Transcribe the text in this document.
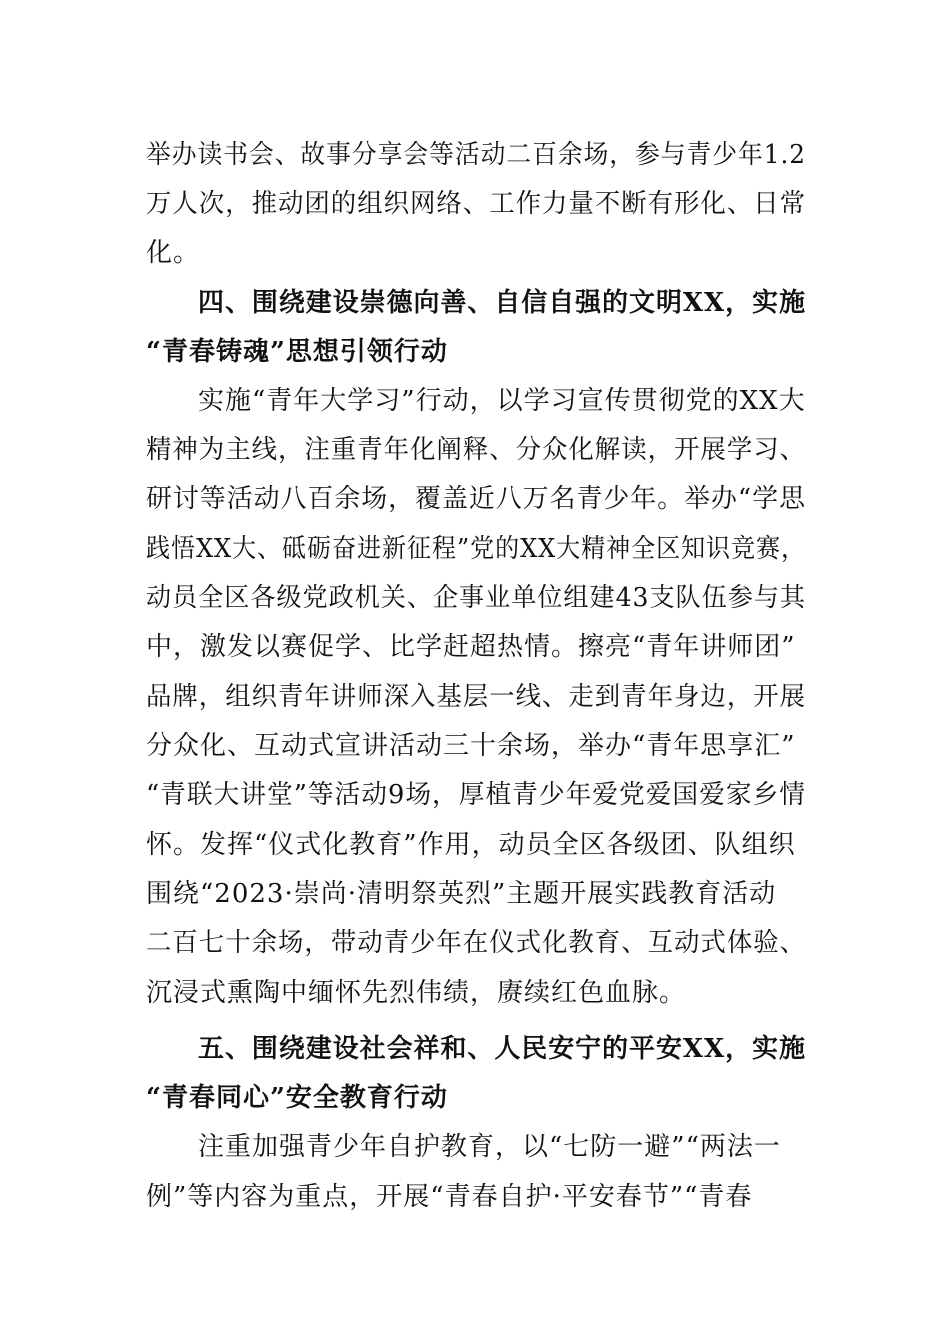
举办读书会、故事分享会等活动二百余场，参与青少年1.2
万人次，推动团的组织网络、工作力量不断有形化、日常
化。
四、围绕建设崇德向善、自信自强的文明XX，实施
“青春铸魂”思想引领行动
实施“青年大学习”行动，以学习宣传贯彻党的XX大
精神为主线，注重青年化阐释、分众化解读，开展学习、
研讨等活动八百余场，覆盖近八万名青少年。举办“学思
践悟XX大、砥砺奋进新征程”党的XX大精神全区知识竞赛，
动员全区各级党政机关、企事业单位组建43支队伍参与其
中，激发以赛促学、比学赶超热情。擦亮“青年讲师团”
品牌，组织青年讲师深入基层一线、走到青年身边，开展
分众化、互动式宣讲活动三十余场，举办“青年思享汇”
“青联大讲堂”等活动9场，厚植青少年爱党爱国爱家乡情
怀。发挥“仪式化教育”作用，动员全区各级团、队组织
围绕“2023·崇尚·清明祭英烈”主题开展实践教育活动
二百七十余场，带动青少年在仪式化教育、互动式体验、
沉浸式熏陶中缅怀先烈伟绩，赓续红色血脉。
五、围绕建设社会祥和、人民安宁的平安XX，实施
“青春同心”安全教育行动
注重加强青少年自护教育，以“七防一避”“两法一
例”等内容为重点，开展“青春自护·平安春节”“青春
